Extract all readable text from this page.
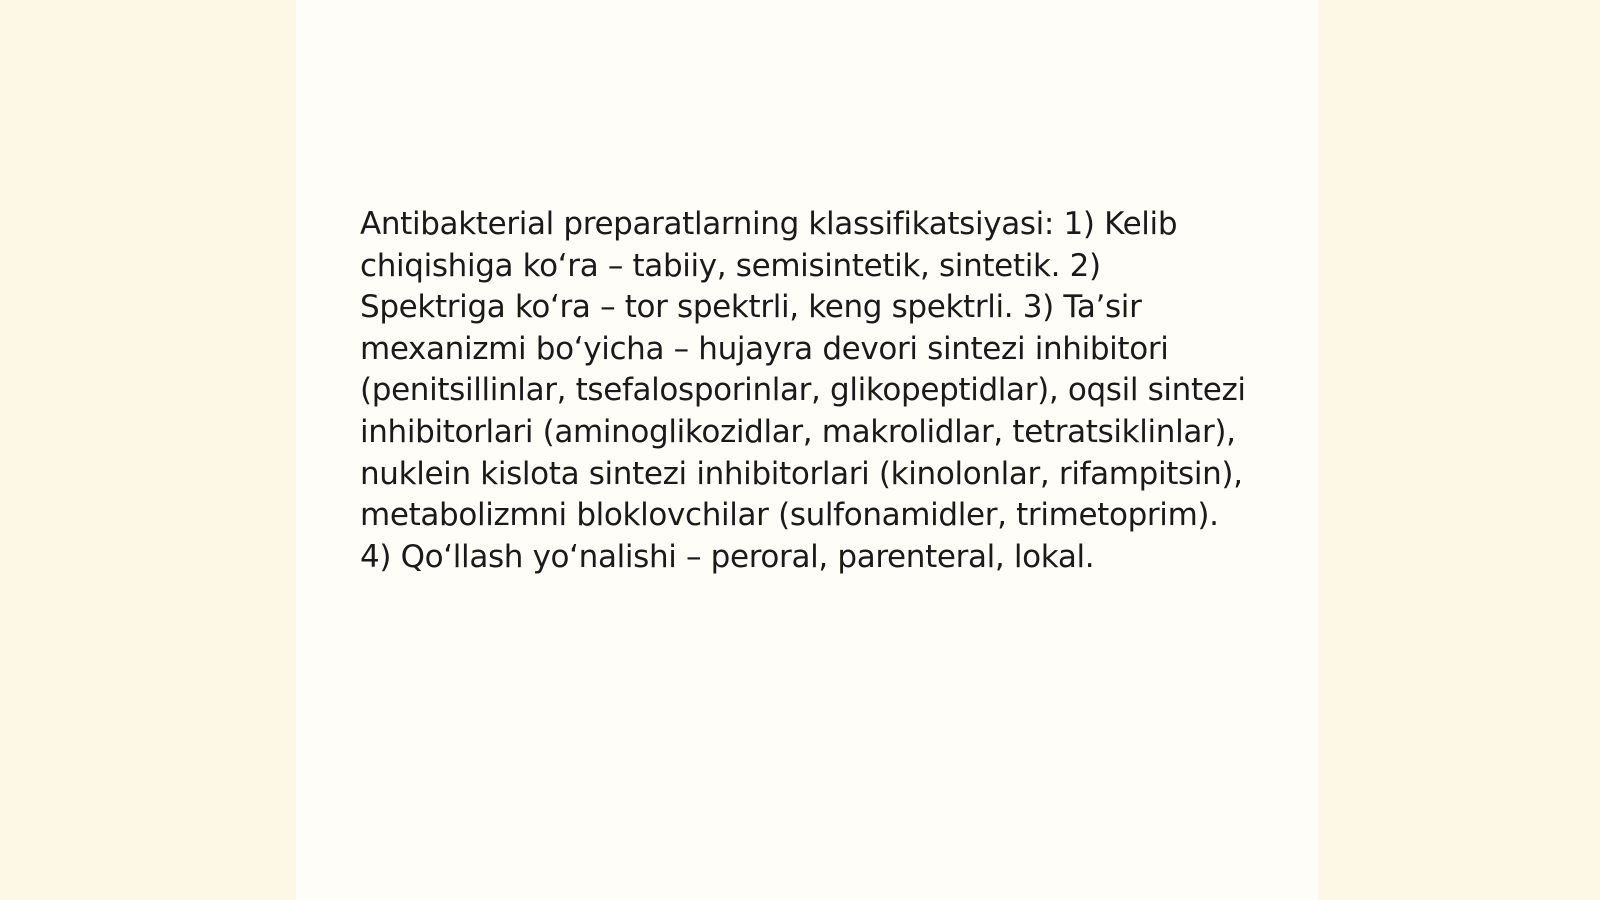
Antibakterial preparatlarning klassifikatsiyasi: 1) Kelib chiqishiga ko‘ra – tabiiy, semisintetik, sintetik. 2) Spektriga ko‘ra – tor spektrli, keng spektrli. 3) Ta’sir mexanizmi bo‘yicha – hujayra devori sintezi inhibitori (penitsillinlar, tsefalosporinlar, glikopeptidlar), oqsil sintezi inhibitorlari (aminoglikozidlar, makrolidlar, tetratsiklinlar), nuklein kislota sintezi inhibitorlari (kinolonlar, rifampitsin), metabolizmni bloklovchilar (sulfonamidler, trimetoprim). 4) Qo‘llash yo‘nalishi – peroral, parenteral, lokal.
